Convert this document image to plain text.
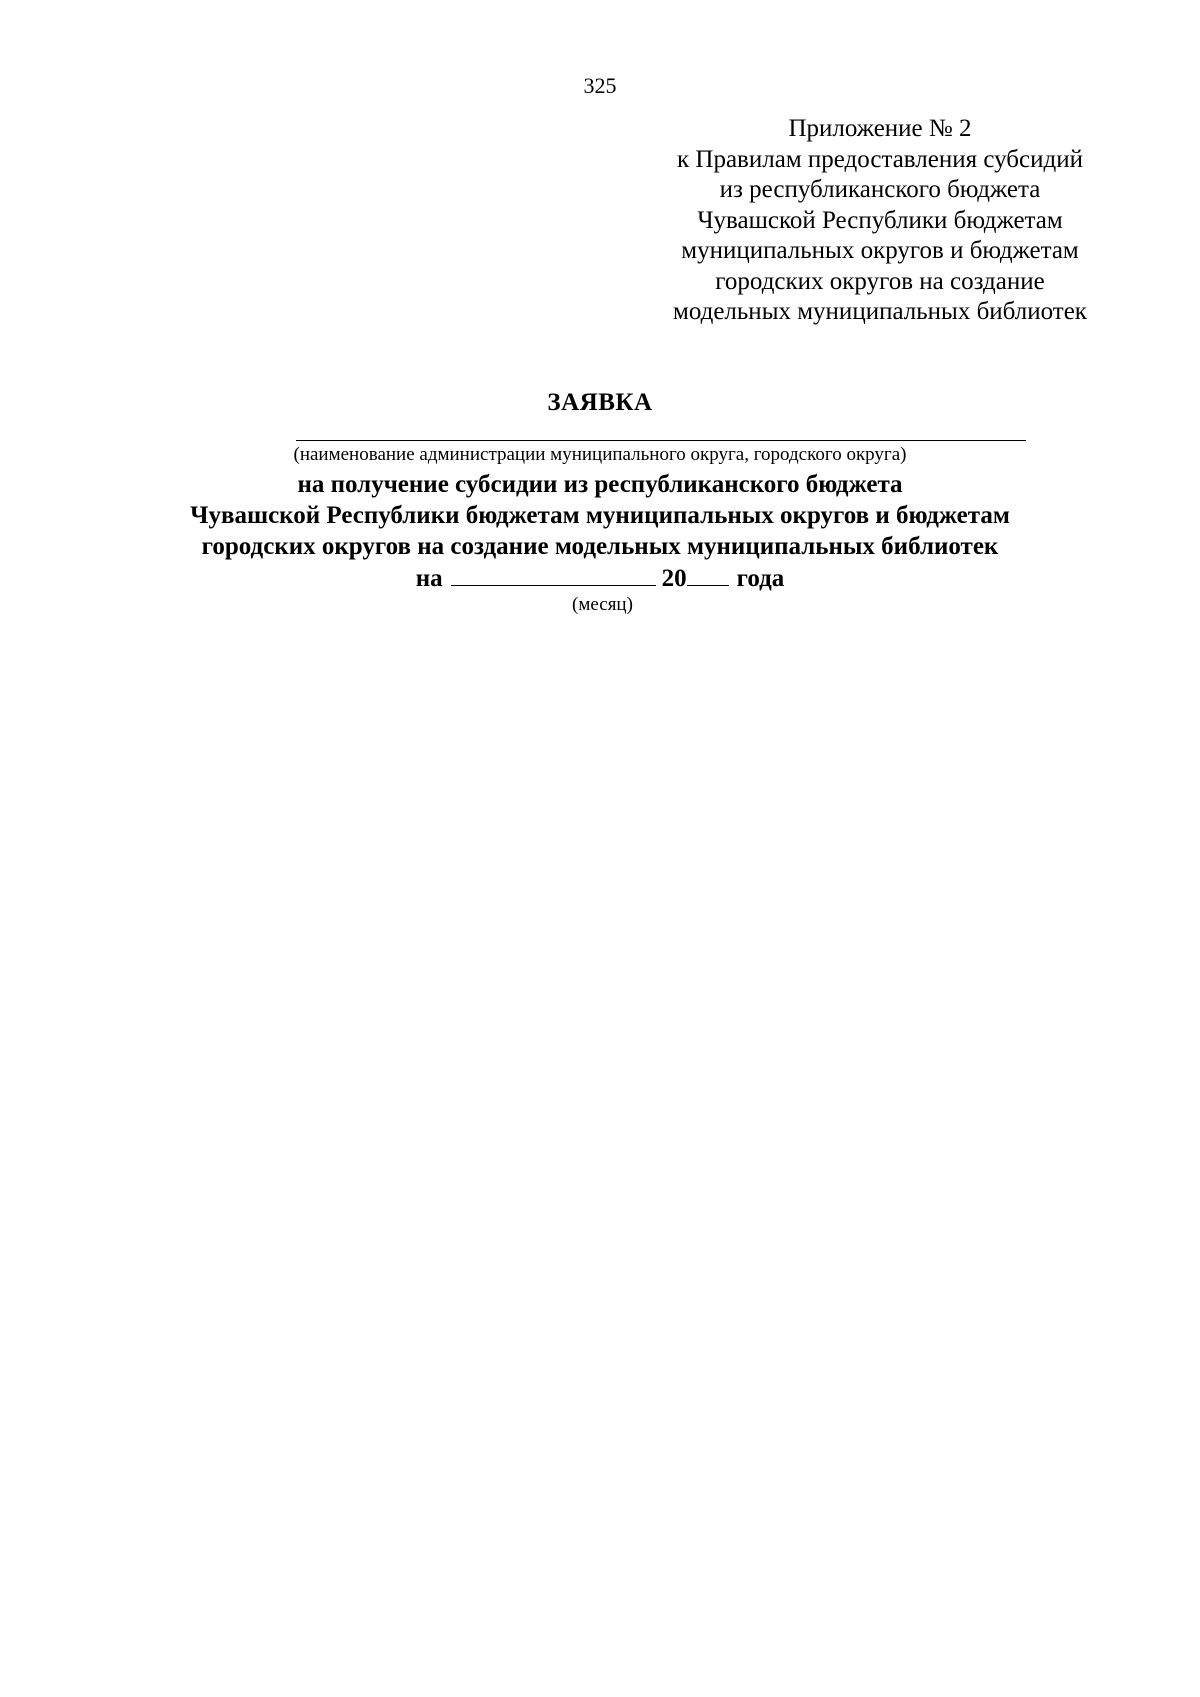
325
Приложение № 2
к Правилам предоставления субсидий
из республиканского бюджета
Чувашской Республики бюджетам
муниципальных округов и бюджетам
городских округов на создание
модельных муниципальных библиотек
ЗАЯВКА
(наименование администрации муниципального округа, городского округа)
на получение субсидии из республиканского бюджета
Чувашской Республики бюджетам муниципальных округов и бюджетам
городских округов на создание модельных муниципальных библиотек
на	20 года
(месяц)
